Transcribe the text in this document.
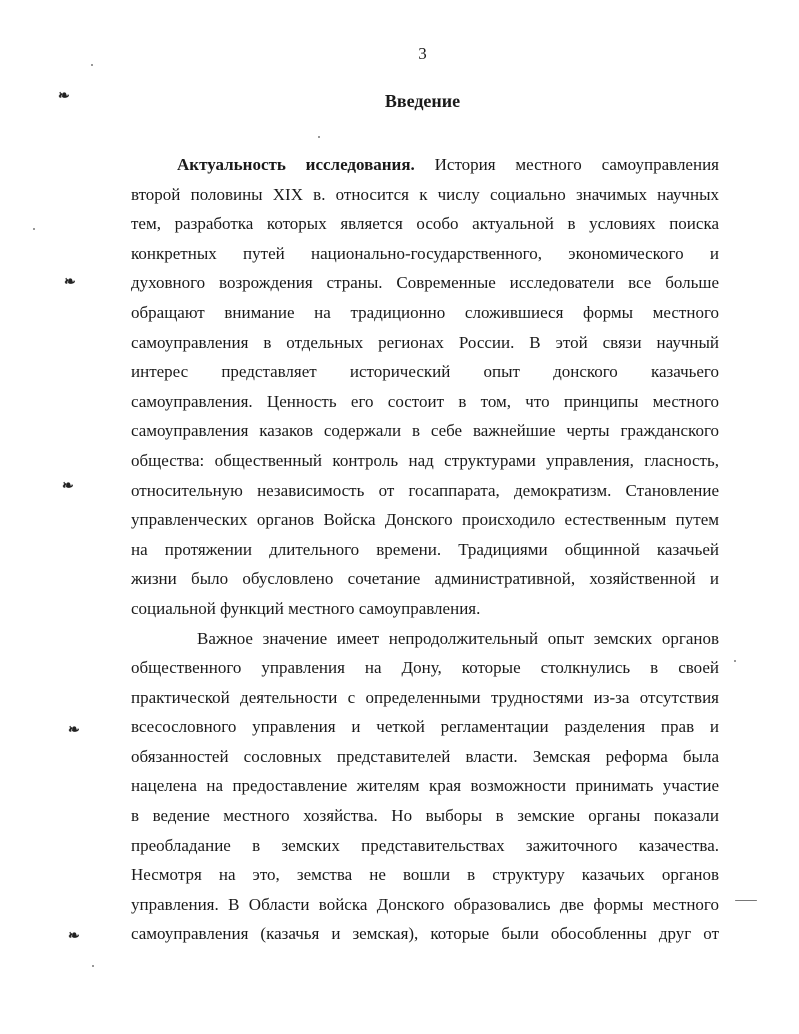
3
Введение
Актуальность исследования. История местного самоуправления
второй половины XIX в. относится к числу социально значимых научных
тем, разработка которых является особо актуальной в условиях поиска
конкретных путей национально-государственного, экономического и
духовного возрождения страны. Современные исследователи все больше
обращают внимание на традиционно сложившиеся формы местного
самоуправления в отдельных регионах России. В этой связи научный
интерес представляет исторический опыт донского казачьего
самоуправления. Ценность его состоит в том, что принципы местного
самоуправления казаков содержали в себе важнейшие черты гражданского
общества: общественный контроль над структурами управления, гласность,
относительную независимость от госаппарата, демократизм. Становление
управленческих органов Войска Донского происходило естественным путем
на протяжении длительного времени. Традициями общинной казачьей
жизни было обусловлено сочетание административной, хозяйственной и
социальной функций местного самоуправления.
Важное значение имеет непродолжительный опыт земских органов
общественного управления на Дону, которые столкнулись в своей
практической деятельности с определенными трудностями из-за отсутствия
всесословного управления и четкой регламентации разделения прав и
обязанностей сословных представителей власти. Земская реформа была
нацелена на предоставление жителям края возможности принимать участие
в ведение местного хозяйства. Но выборы в земские органы показали
преобладание в земских представительствах зажиточного казачества.
Несмотря на это, земства не вошли в структуру казачьих органов
управления. В Области войска Донского образовались две формы местного
самоуправления (казачья и земская), которые были обособленны друг от
❧
❧
❧
❧
❧
